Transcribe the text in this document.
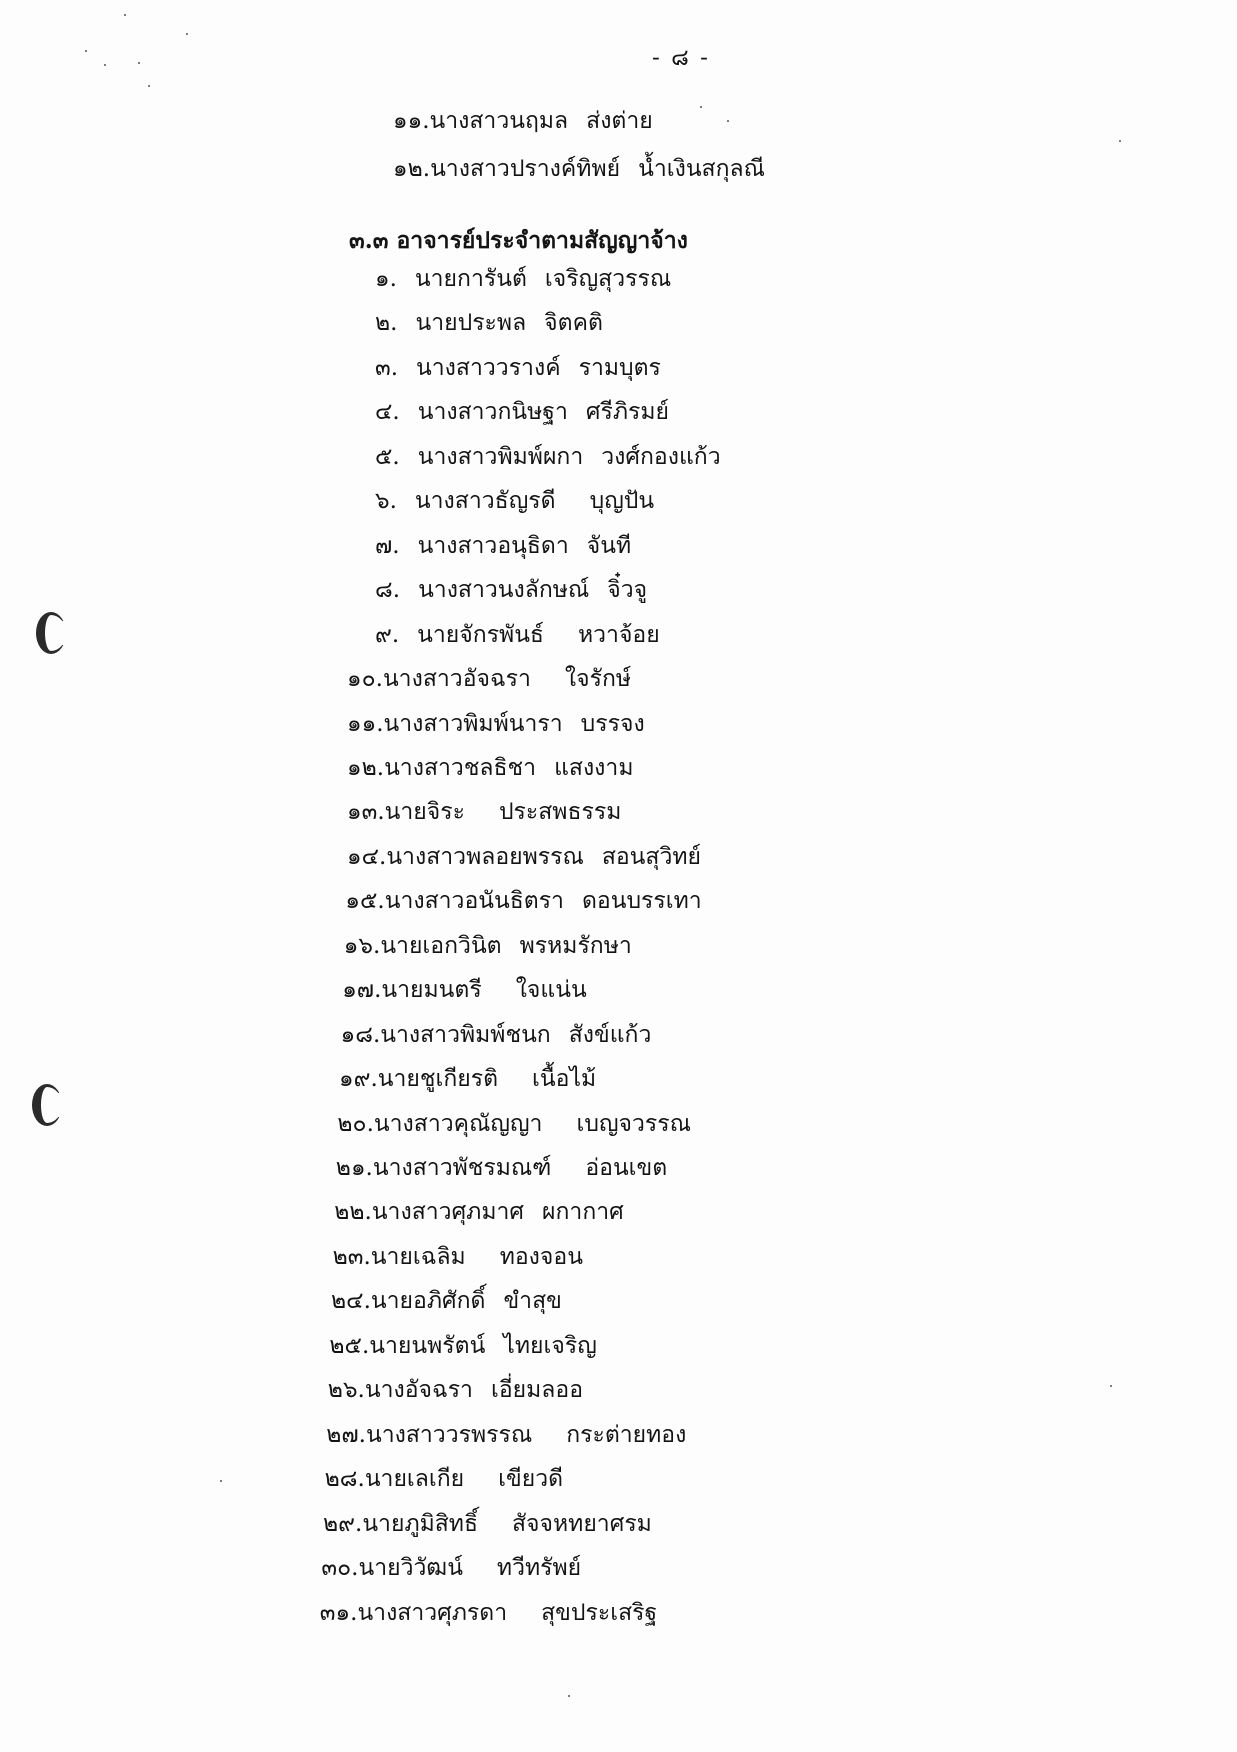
- ๘ -
๑๑.นางสาวนฤมล ส่งต่าย
๑๒.นางสาวปรางค์ทิพย์ น้ำเงินสกุลณี
๓.๓ อาจารย์ประจำตามสัญญาจ้าง
๑. นายการันต์ เจริญสุวรรณ
๒. นายประพล จิตคติ
๓. นางสาววรางค์ รามบุตร
๔. นางสาวกนิษฐา ศรีภิรมย์
๕. นางสาวพิมพ์ผกา วงศ์กองแก้ว
๖. นางสาวธัญรดี บุญปัน
๗. นางสาวอนุธิดา จันที
๘. นางสาวนงลักษณ์ จิ๋วจู
๙. นายจักรพันธ์ หวาจ้อย
๑๐.นางสาวอัจฉรา ใจรักษ์
๑๑.นางสาวพิมพ์นารา บรรจง
๑๒.นางสาวชลธิชา แสงงาม
๑๓.นายจิระ ประสพธรรม
๑๔.นางสาวพลอยพรรณ สอนสุวิทย์
๑๕.นางสาวอนันธิตรา ดอนบรรเทา
๑๖.นายเอกวินิต พรหมรักษา
๑๗.นายมนตรี ใจแน่น
๑๘.นางสาวพิมพ์ชนก สังข์แก้ว
๑๙.นายชูเกียรติ เนื้อไม้
๒๐.นางสาวคุณัญญา เบญจวรรณ
๒๑.นางสาวพัชรมณฑ์ อ่อนเขต
๒๒.นางสาวศุภมาศ ผกากาศ
๒๓.นายเฉลิม ทองจอน
๒๔.นายอภิศักดิ์ ขำสุข
๒๕.นายนพรัตน์ ไทยเจริญ
๒๖.นางอัจฉรา เอี่ยมลออ
๒๗.นางสาววรพรรณ กระต่ายทอง
๒๘.นายเลเกีย เขียวดี
๒๙.นายภูมิสิทธิ์ สัจจหทยาศรม
๓๐.นายวิวัฒน์ ทวีทรัพย์
๓๑.นางสาวศุภรดา สุขประเสริฐ
